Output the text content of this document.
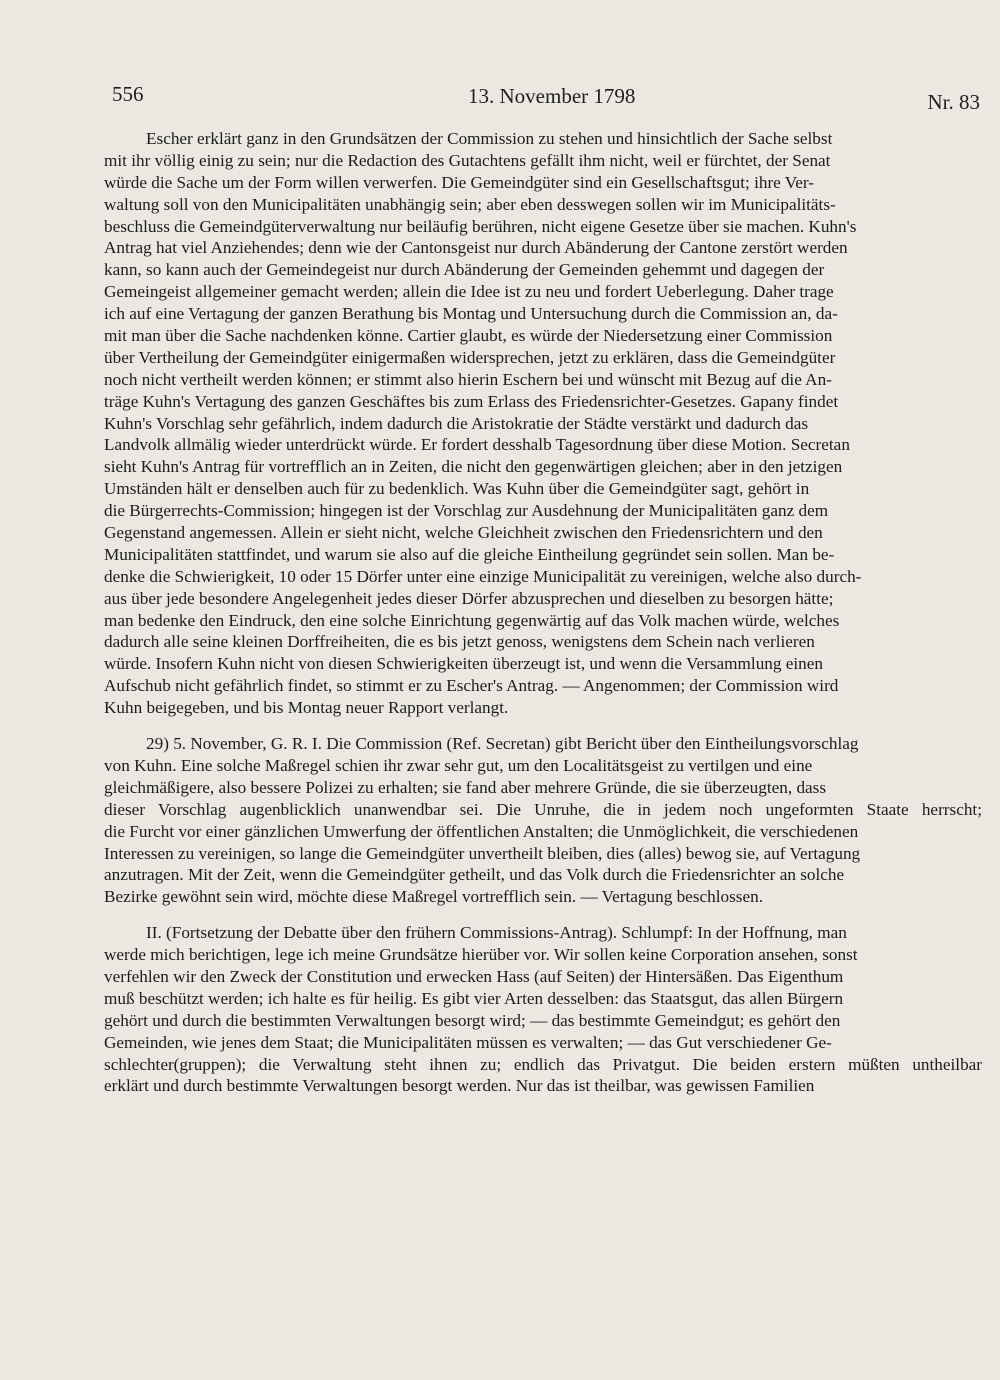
556	13. November 1798	Nr. 83
Escher erklärt ganz in den Grundsätzen der Commission zu stehen und hinsichtlich der Sache selbst
mit ihr völlig einig zu sein; nur die Redaction des Gutachtens gefällt ihm nicht, weil er fürchtet, der Senat
würde die Sache um der Form willen verwerfen. Die Gemeindgüter sind ein Gesellschaftsgut; ihre Ver-
waltung soll von den Municipalitäten unabhängig sein; aber eben desswegen sollen wir im Municipalitäts-
beschluss die Gemeindgüterverwaltung nur beiläufig berühren, nicht eigene Gesetze über sie machen. Kuhn's
Antrag hat viel Anziehendes; denn wie der Cantonsgeist nur durch Abänderung der Cantone zerstört werden
kann, so kann auch der Gemeindegeist nur durch Abänderung der Gemeinden gehemmt und dagegen der
Gemeingeist allgemeiner gemacht werden; allein die Idee ist zu neu und fordert Ueberlegung. Daher trage
ich auf eine Vertagung der ganzen Berathung bis Montag und Untersuchung durch die Commission an, da-
mit man über die Sache nachdenken könne. Cartier glaubt, es würde der Niedersetzung einer Commission
über Vertheilung der Gemeindgüter einigermaßen widersprechen, jetzt zu erklären, dass die Gemeindgüter
noch nicht vertheilt werden können; er stimmt also hierin Eschern bei und wünscht mit Bezug auf die An-
träge Kuhn's Vertagung des ganzen Geschäftes bis zum Erlass des Friedensrichter-Gesetzes. Gapany findet
Kuhn's Vorschlag sehr gefährlich, indem dadurch die Aristokratie der Städte verstärkt und dadurch das
Landvolk allmälig wieder unterdrückt würde. Er fordert desshalb Tagesordnung über diese Motion. Secretan
sieht Kuhn's Antrag für vortrefflich an in Zeiten, die nicht den gegenwärtigen gleichen; aber in den jetzigen
Umständen hält er denselben auch für zu bedenklich. Was Kuhn über die Gemeindgüter sagt, gehört in
die Bürgerrechts-Commission; hingegen ist der Vorschlag zur Ausdehnung der Municipalitäten ganz dem
Gegenstand angemessen. Allein er sieht nicht, welche Gleichheit zwischen den Friedensrichtern und den
Municipalitäten stattfindet, und warum sie also auf die gleiche Eintheilung gegründet sein sollen. Man be-
denke die Schwierigkeit, 10 oder 15 Dörfer unter eine einzige Municipalität zu vereinigen, welche also durch-
aus über jede besondere Angelegenheit jedes dieser Dörfer abzusprechen und dieselben zu besorgen hätte;
man bedenke den Eindruck, den eine solche Einrichtung gegenwärtig auf das Volk machen würde, welches
dadurch alle seine kleinen Dorffreiheiten, die es bis jetzt genoss, wenigstens dem Schein nach verlieren
würde. Insofern Kuhn nicht von diesen Schwierigkeiten überzeugt ist, und wenn die Versammlung einen
Aufschub nicht gefährlich findet, so stimmt er zu Escher's Antrag. — Angenommen; der Commission wird
Kuhn beigegeben, und bis Montag neuer Rapport verlangt.
29) 5. November, G. R. I. Die Commission (Ref. Secretan) gibt Bericht über den Eintheilungsvorschlag
von Kuhn. Eine solche Maßregel schien ihr zwar sehr gut, um den Localitätsgeist zu vertilgen und eine
gleichmäßigere, also bessere Polizei zu erhalten; sie fand aber mehrere Gründe, die sie überzeugten, dass
dieser Vorschlag augenblicklich unanwendbar sei. Die Unruhe, die in jedem noch ungeformten Staate herrscht;
die Furcht vor einer gänzlichen Umwerfung der öffentlichen Anstalten; die Unmöglichkeit, die verschiedenen
Interessen zu vereinigen, so lange die Gemeindgüter unvertheilt bleiben, dies (alles) bewog sie, auf Vertagung
anzutragen. Mit der Zeit, wenn die Gemeindgüter getheilt, und das Volk durch die Friedensrichter an solche
Bezirke gewöhnt sein wird, möchte diese Maßregel vortrefflich sein. — Vertagung beschlossen.
II. (Fortsetzung der Debatte über den frühern Commissions-Antrag). Schlumpf: In der Hoffnung, man
werde mich berichtigen, lege ich meine Grundsätze hierüber vor. Wir sollen keine Corporation ansehen, sonst
verfehlen wir den Zweck der Constitution und erwecken Hass (auf Seiten) der Hintersäßen. Das Eigenthum
muß beschützt werden; ich halte es für heilig. Es gibt vier Arten desselben: das Staatsgut, das allen Bürgern
gehört und durch die bestimmten Verwaltungen besorgt wird; — das bestimmte Gemeindgut; es gehört den
Gemeinden, wie jenes dem Staat; die Municipalitäten müssen es verwalten; — das Gut verschiedener Ge-
schlechter(gruppen); die Verwaltung steht ihnen zu; endlich das Privatgut. Die beiden erstern müßten untheilbar
erklärt und durch bestimmte Verwaltungen besorgt werden. Nur das ist theilbar, was gewissen Familien
